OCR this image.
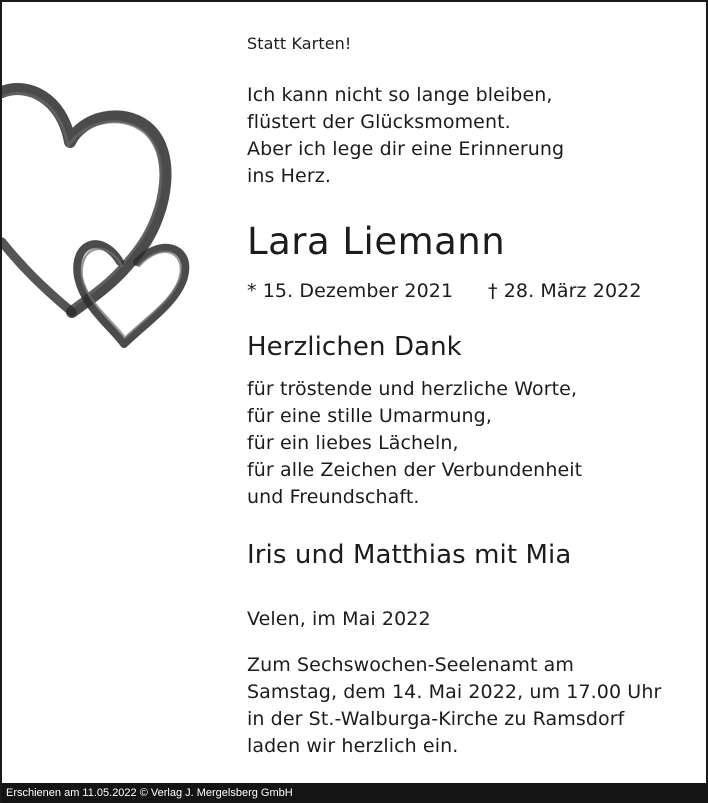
Statt Karten!
Ich kann nicht so lange bleiben,
flüstert der Glücksmoment.
Aber ich lege dir eine Erinnerung
ins Herz.
Lara Liemann
* 15. Dezember 2021 † 28. März 2022
Herzlichen Dank
für tröstende und herzliche Worte,
für eine stille Umarmung,
für ein liebes Lächeln,
für alle Zeichen der Verbundenheit
und Freundschaft.
Iris und Matthias mit Mia
Velen, im Mai 2022
Zum Sechswochen-Seelenamt am
Samstag, dem 14. Mai 2022, um 17.00 Uhr
in der St.-Walburga-Kirche zu Ramsdorf
laden wir herzlich ein.
Erschienen am 11.05.2022 © Verlag J. Mergelsberg GmbH
